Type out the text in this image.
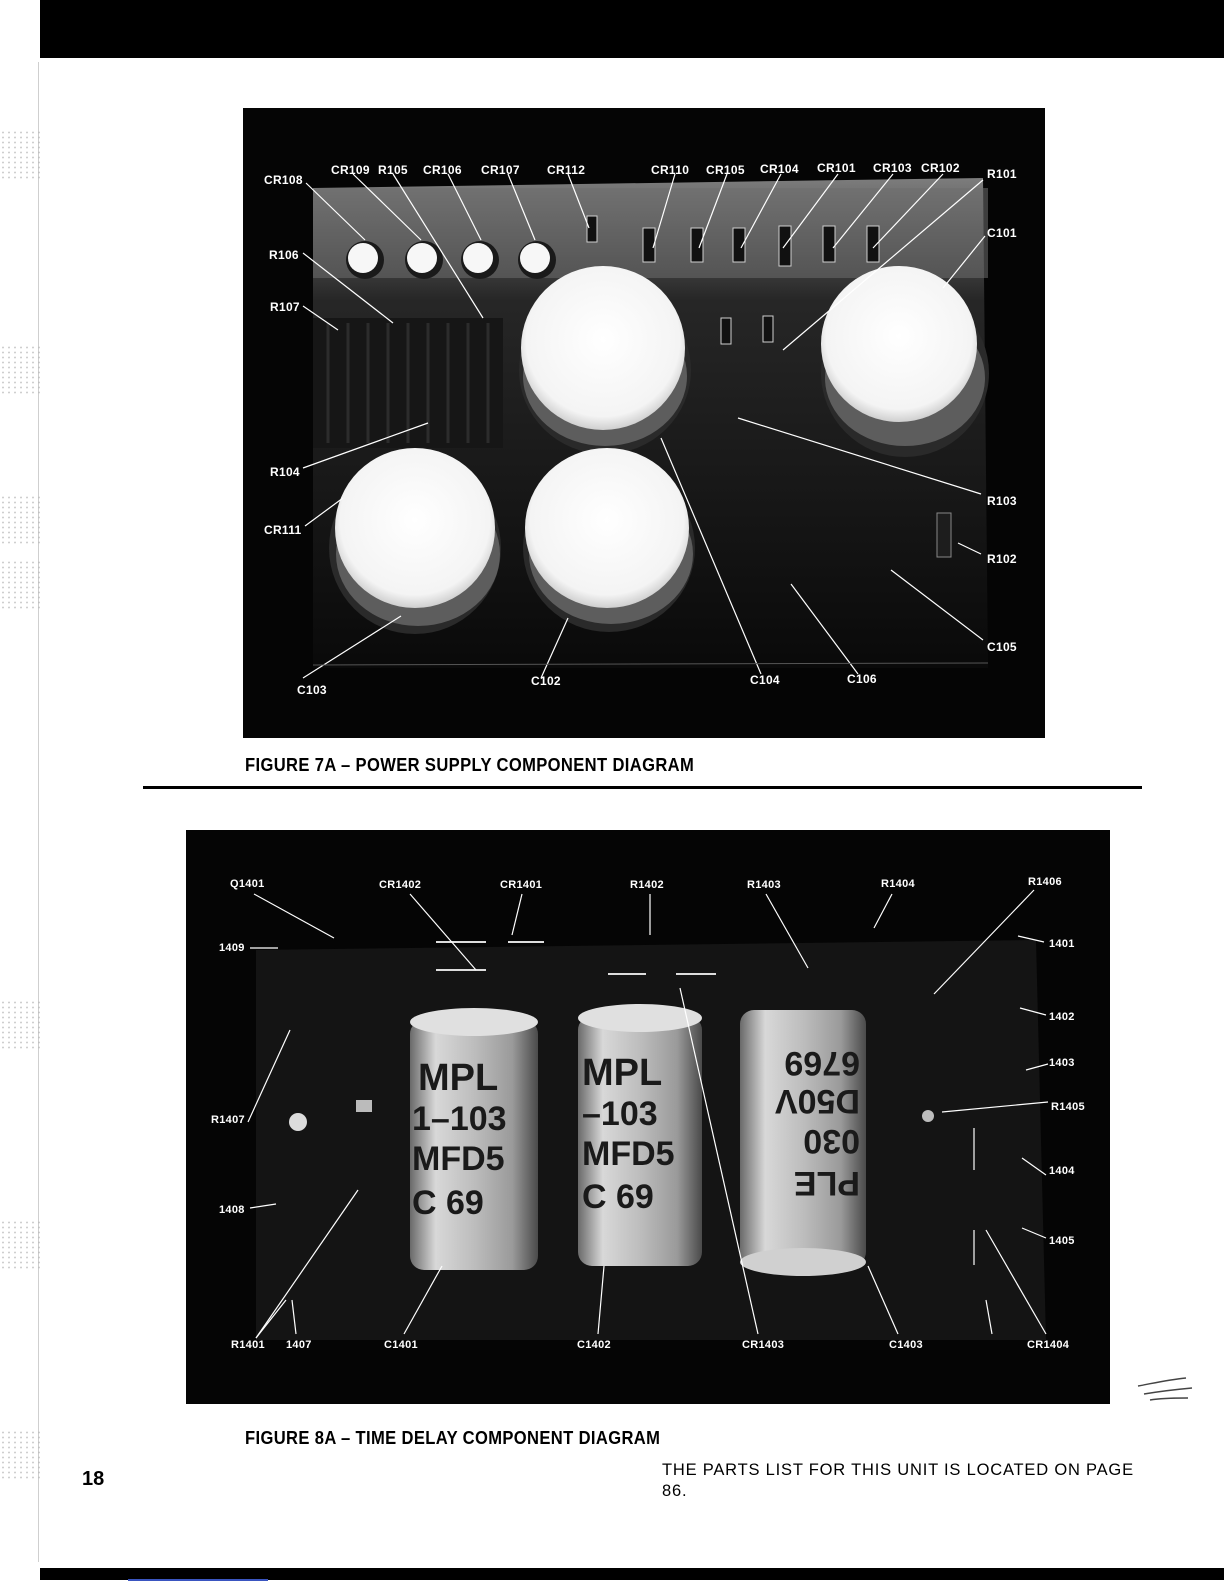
CR108
CR109 R105 CR106 CR107 CR112	CR110 CR105 CR104 CR101 CR103 CR102 R101
C101
R106
R107
R104
CR111
R103
R102
C105
C103
C102	C104	C106
FIGURE 7A – POWER SUPPLY COMPONENT DIAGRAM
MPL
1–103
MFD5
C 69
MPL
–103
MFD5
C 69	PLE
030
D50V
6769
Q1401	CR1402	CR1401	R1402	R1403	R1404	R1406
1409	1401
1402
1403
R1405
1404
R1407
1408
1405
R1401 1407	C1401	C1402	CR1403	C1403	CR1404
FIGURE 8A – TIME DELAY COMPONENT DIAGRAM
18	THE PARTS LIST FOR THIS UNIT IS LOCATED ON PAGE 86.
